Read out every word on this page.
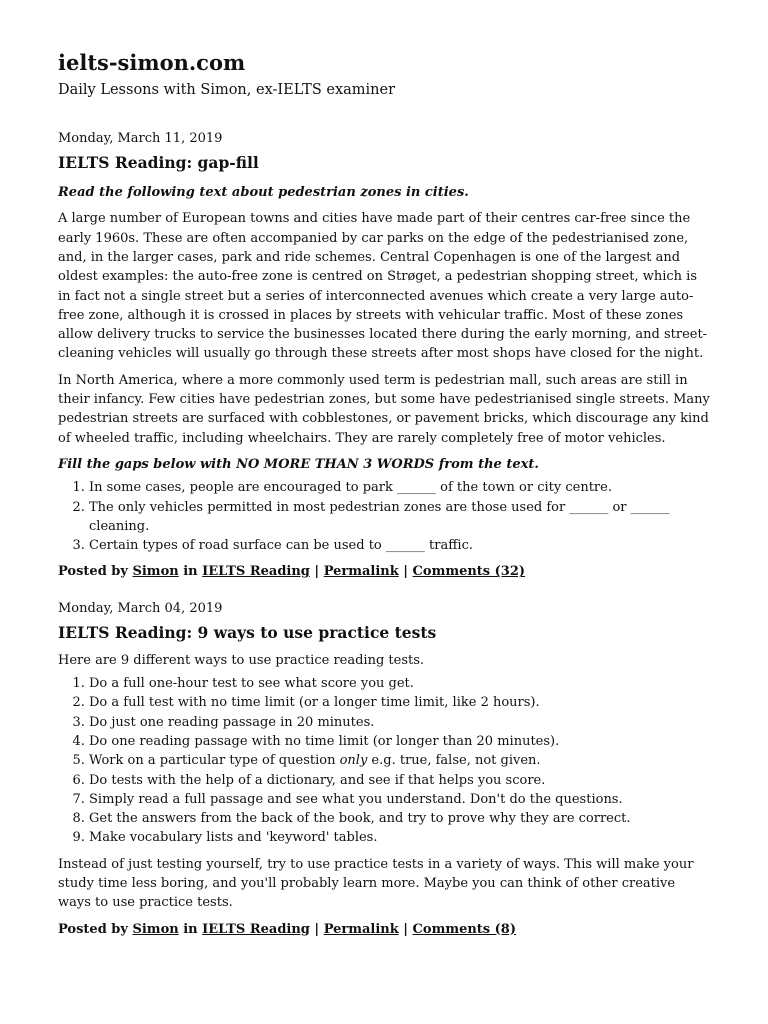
ielts-simon.com
Daily Lessons with Simon, ex-IELTS examiner
Monday, March 11, 2019
IELTS Reading: gap-fill

Read the following text about pedestrian zones in cities.

A large number of European towns and cities have made part of their centres car-free since the early 1960s. These are often accompanied by car parks on the edge of the pedestrianised zone, and, in the larger cases, park and ride schemes. Central Copenhagen is one of the largest and oldest examples: the auto-free zone is centred on Strøget, a pedestrian shopping street, which is in fact not a single street but a series of interconnected avenues which create a very large auto-free zone, although it is crossed in places by streets with vehicular traffic. Most of these zones allow delivery trucks to service the businesses located there during the early morning, and street-cleaning vehicles will usually go through these streets after most shops have closed for the night.

In North America, where a more commonly used term is pedestrian mall, such areas are still in their infancy. Few cities have pedestrian zones, but some have pedestrianised single streets. Many pedestrian streets are surfaced with cobblestones, or pavement bricks, which discourage any kind of wheeled traffic, including wheelchairs. They are rarely completely free of motor vehicles.

Fill the gaps below with NO MORE THAN 3 WORDS from the text.

1. In some cases, people are encouraged to park ______ of the town or city centre.
2. The only vehicles permitted in most pedestrian zones are those used for ______ or ______ cleaning.
3. Certain types of road surface can be used to ______ traffic.
Posted by Simon in IELTS Reading | Permalink | Comments (32)
Monday, March 04, 2019
IELTS Reading: 9 ways to use practice tests

Here are 9 different ways to use practice reading tests.

1. Do a full one-hour test to see what score you get.
2. Do a full test with no time limit (or a longer time limit, like 2 hours).
3. Do just one reading passage in 20 minutes.
4. Do one reading passage with no time limit (or longer than 20 minutes).
5. Work on a particular type of question only e.g. true, false, not given.
6. Do tests with the help of a dictionary, and see if that helps you score.
7. Simply read a full passage and see what you understand. Don't do the questions.
8. Get the answers from the back of the book, and try to prove why they are correct.
9. Make vocabulary lists and 'keyword' tables.

Instead of just testing yourself, try to use practice tests in a variety of ways. This will make your study time less boring, and you'll probably learn more. Maybe you can think of other creative ways to use practice tests.

Posted by Simon in IELTS Reading | Permalink | Comments (8)
